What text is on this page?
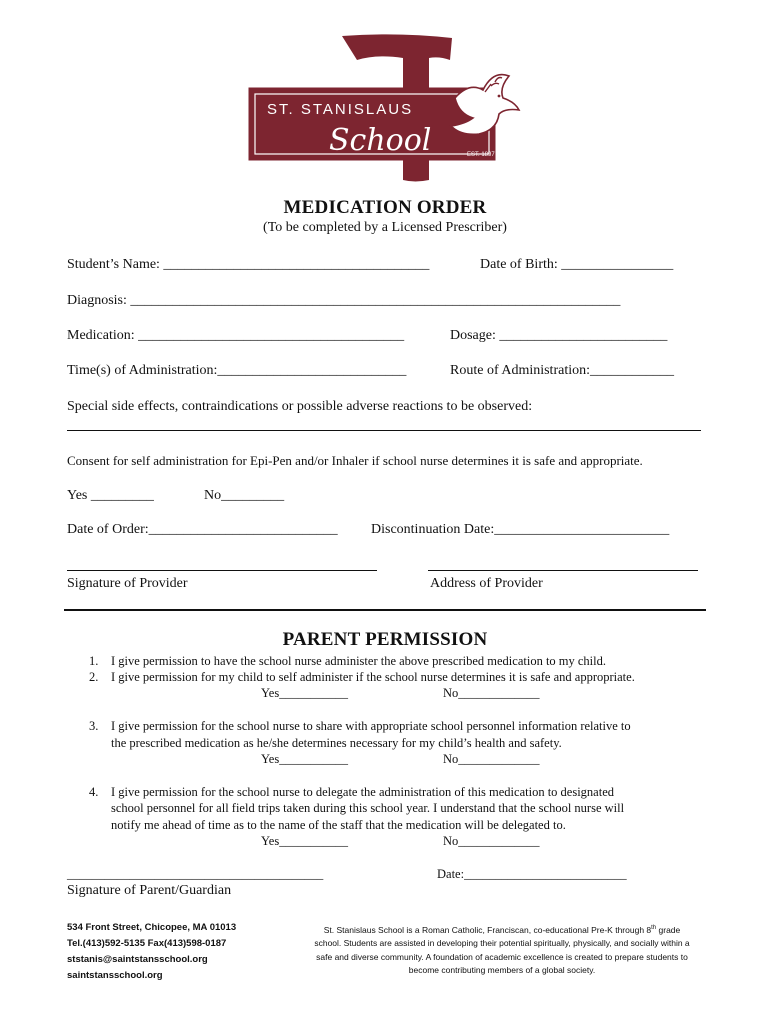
ST. STANISLAUS
School	EST. 1897
MEDICATION ORDER
(To be completed by a Licensed Prescriber)
Student’s Name: ______________________________________	Date of Birth: ________________
Diagnosis: ______________________________________________________________________
Medication: ______________________________________	Dosage: ________________________
Time(s) of Administration:___________________________	Route of Administration:____________
Special side effects, contraindications or possible adverse reactions to be observed:
Consent for self administration for Epi-Pen and/or Inhaler if school nurse determines it is safe and appropriate.
Yes _________	No_________
Date of Order:___________________________ Discontinuation Date:_________________________
Signature of Provider	Address of Provider
PARENT PERMISSION
1. I give permission to have the school nurse administer the above prescribed medication to my child.
2. I give permission for my child to self administer if the school nurse determines it is safe and appropriate.
Yes___________	No_____________
3. I give permission for the school nurse to share with appropriate school personnel information relative to
the prescribed medication as he/she determines necessary for my child’s health and safety.
Yes___________	No_____________
4. I give permission for the school nurse to delegate the administration of this medication to designated
school personnel for all field trips taken during this school year. I understand that the school nurse will
notify me ahead of time as to the name of the staff that the medication will be delegated to.
Yes___________	No_____________
_________________________________________	Date:__________________________
Signature of Parent/Guardian
534 Front Street, Chicopee, MA 01013
Tel.(413)592-5135 Fax(413)598-0187
ststanis@saintstansschool.org
saintstansschool.org
St. Stanislaus School is a Roman Catholic, Franciscan, co-educational Pre-K through 8th grade school. Students are assisted in developing their potential spiritually, physically, and socially within a safe and diverse community. A foundation of academic excellence is created to prepare students to become contributing members of a global society.
